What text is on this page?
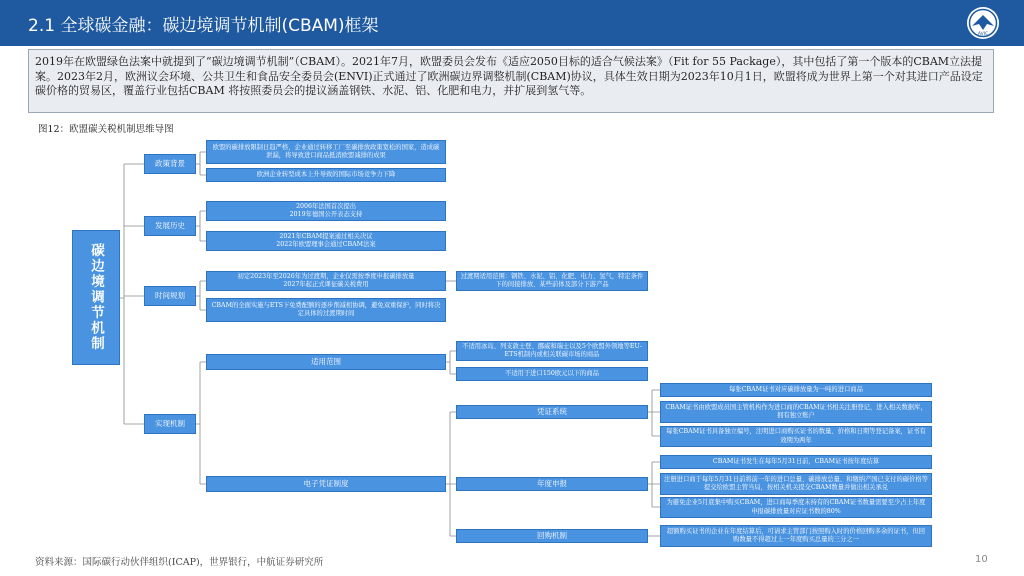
2.1 全球碳金融：碳边境调节机制(CBAM)框架	AVIC
2019年在欧盟绿色法案中就提到了“碳边境调节机制”（CBAM）。2021年7月，欧盟委员会发布《适应2050目标的适合气候法案》（Fit for 55 Package），其中包括了第一个版本的CBAM立法提案。2023年2月，欧洲议会环境、公共卫生和食品安全委员会(ENVI)正式通过了欧洲碳边界调整机制(CBAM)协议，具体生效日期为2023年10月1日，欧盟将成为世界上第一个对其进口产品设定碳价格的贸易区，覆盖行业包括CBAM 将按照委员会的提议涵盖钢铁、水泥、铝、化肥和电力，并扩展到氢气等。
图12：欧盟碳关税机制思维导图
碳边境调节机制
政策背景
发展历史
时间规划
实现机制
欧盟的碳排放限制日趋严格，企业通过转移工厂至碳排放政策宽松的国家，造成碳泄漏，将导致进口商品抵消欧盟减排的成果
欧洲企业转型成本上升导致的国际市场竞争力下降
2006年法国首次提出
2019年德国公开表态支持
2021年CBAM提案通过相关决议
2022年欧盟理事会通过CBAM法案
初定2023年至2026年为过渡期，企业仅需按季度申报碳排放量
2027年起正式课征碳关税费用
CBAM的全面实施与ETS下免费配额的逐步削减相协调，避免双重保护，同时将决定具体的过渡期时间
过渡期适用范围：钢铁、水泥、铝、化肥、电力、氢气，特定条件下的间接排放、某些前体及部分下游产品
适用范围
电子凭证制度
不适用冰岛、列支敦士登、挪威和瑞士以及5个欧盟外领地等EU-ETS机制内或相关联碳市场的商品
不适用于进口150欧元以下的商品
凭证系统
年度申报
回购机制
每张CBAM证书对应碳排放量为一吨的进口商品
CBAM证书由欧盟成员国主管机构作为进口商的CBAM证书相关注册登记，进入相关数据库，拥有独立账户
每张CBAM证书具备独立编号，注明进口商购买证书的数量、价格和日期等登记备案，证书有效期为两年
CBAM证书发生在每年5月31日前，CBAM证书按年度结算
注册进口商于每年5月31日前将前一年的进口总量、碳排放总量、和缴纳产国已支付的碳价格等提交给欧盟主管当局，按相关机关提交CBAM数量并做出相关承兑
为避免企业5月底集中购买CBAM，进口商每季度末持有的CBAM证书数量需要至少占上年度申报碳排放量对应证书数的80%
超额购买证书的企业在年度结算后，可请求主管部门按照购入时的价格回购多余的证书，但回购数量不得超过上一年度购买总量的三分之一
资料来源：国际碳行动伙伴组织(ICAP)，世界银行，中航证券研究所	10
